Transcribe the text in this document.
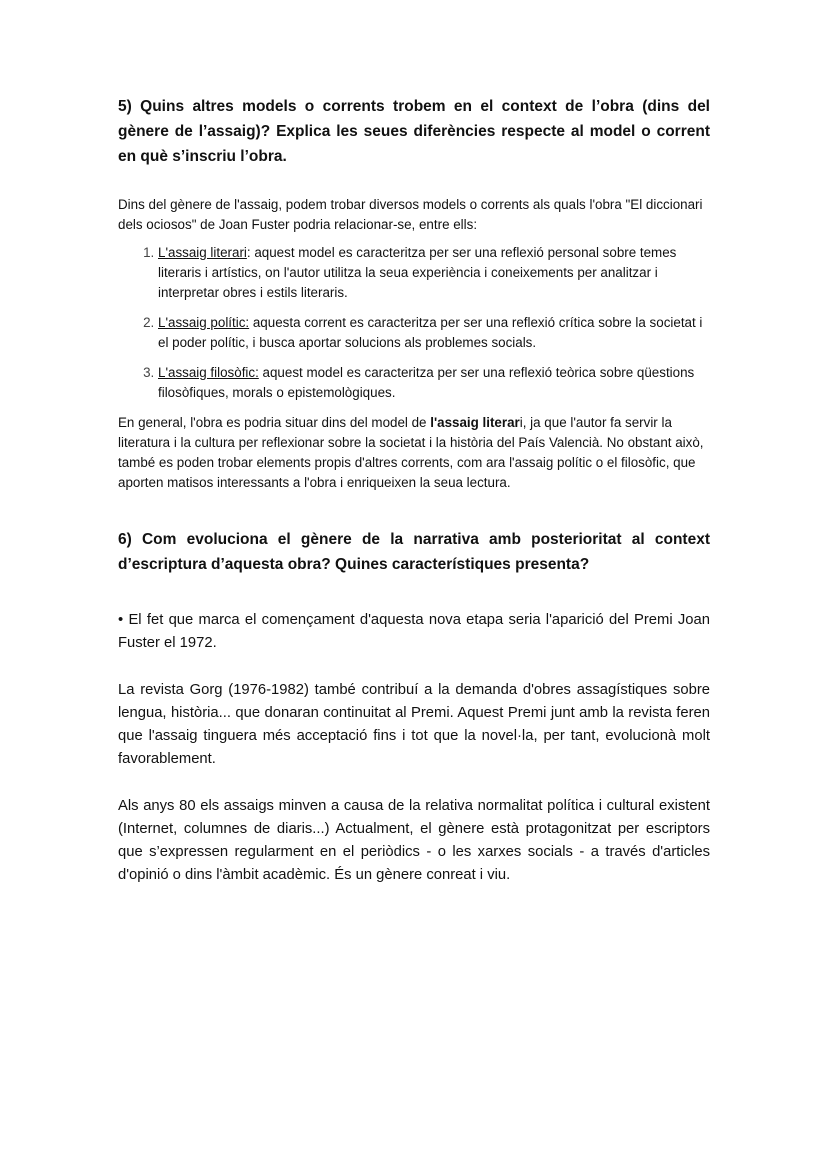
5) Quins altres models o corrents trobem en el context de l’obra (dins del gènere de l’assaig)? Explica les seues diferències respecte al model o corrent en què s’inscriu l’obra.

Dins del gènere de l'assaig, podem trobar diversos models o corrents als quals l'obra "El diccionari dels ociosos" de Joan Fuster podria relacionar-se, entre ells:

1. L'assaig literari: aquest model es caracteritza per ser una reflexió personal sobre temes literaris i artístics, on l'autor utilitza la seua experiència i coneixements per analitzar i interpretar obres i estils literaris.
2. L'assaig polític: aquesta corrent es caracteritza per ser una reflexió crítica sobre la societat i el poder polític, i busca aportar solucions als problemes socials.
3. L'assaig filosòfic: aquest model es caracteritza per ser una reflexió teòrica sobre qüestions filosòfiques, morals o epistemològiques.

En general, l'obra es podria situar dins del model de l'assaig literari, ja que l'autor fa servir la literatura i la cultura per reflexionar sobre la societat i la història del País Valencià. No obstant això, també es poden trobar elements propis d'altres corrents, com ara l'assaig polític o el filosòfic, que aporten matisos interessants a l'obra i enriqueixen la seua lectura.

6) Com evoluciona el gènere de la narrativa amb posterioritat al context d’escriptura d’aquesta obra? Quines característiques presenta?

• El fet que marca el començament d'aquesta nova etapa seria l'aparició del Premi Joan Fuster el 1972.

La revista Gorg (1976-1982) també contribuí a la demanda d'obres assagístiques sobre lengua, història... que donaran continuitat al Premi. Aquest Premi junt amb la revista feren que l'assaig tinguera més acceptació fins i tot que la novel·la, per tant, evolucionà molt favorablement.

Als anys 80 els assaigs minven a causa de la relativa normalitat política i cultural existent (Internet, columnes de diaris...) Actualment, el gènere està protagonitzat per escriptors que s’expressen regularment en el periòdics - o les xarxes socials - a través d'articles d'opinió o dins l'àmbit acadèmic. És un gènere conreat i viu.
